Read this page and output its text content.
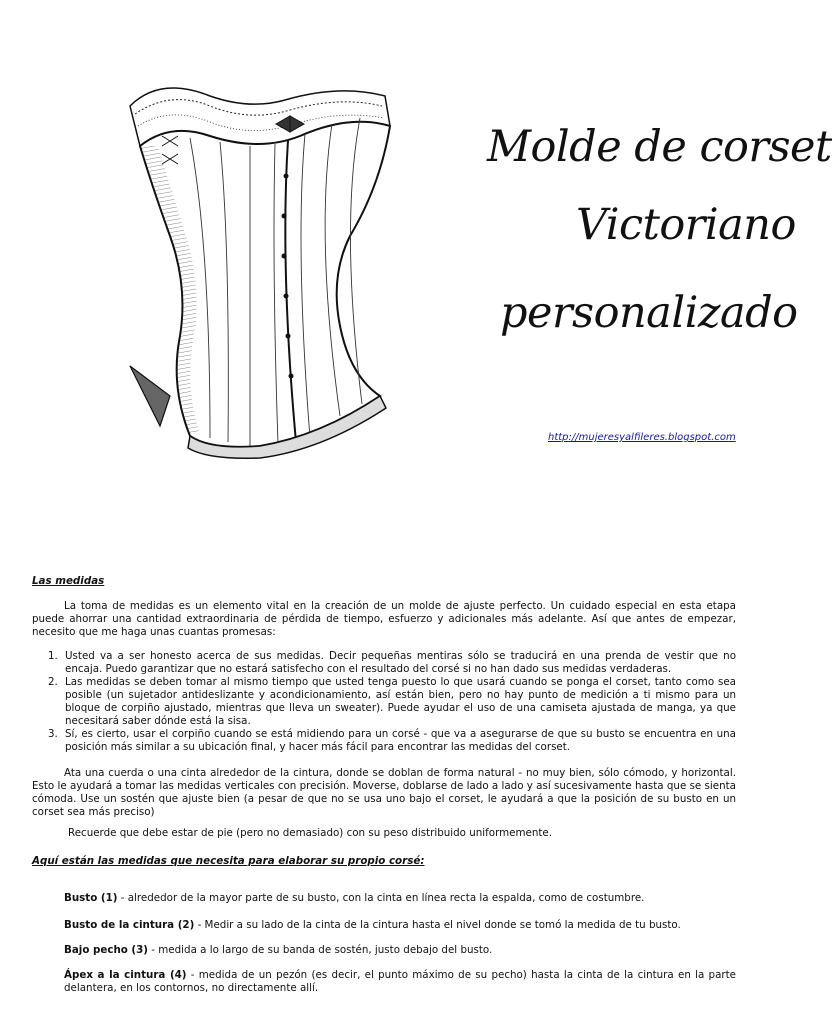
Molde de corset
Victoriano
personalizado
http://mujeresyalfileres.blogspot.com
Las medidas
La toma de medidas es un elemento vital en la creación de un molde de ajuste perfecto. Un cuidado especial en esta etapa puede ahorrar una cantidad extraordinaria de pérdida de tiempo, esfuerzo y adicionales más adelante. Así que antes de empezar, necesito que me haga unas cuantas promesas:
1. Usted va a ser honesto acerca de sus medidas. Decir pequeñas mentiras sólo se traducirá en una prenda de vestir que no encaja. Puedo garantizar que no estará satisfecho con el resultado del corsé si no han dado sus medidas verdaderas.
2. Las medidas se deben tomar al mismo tiempo que usted tenga puesto lo que usará cuando se ponga el corset, tanto como sea posible (un sujetador antideslizante y acondicionamiento, así están bien, pero no hay punto de medición a ti mismo para un bloque de corpiño ajustado, mientras que lleva un sweater). Puede ayudar el uso de una camiseta ajustada de manga, ya que necesitará saber dónde está la sisa.
3. Sí, es cierto, usar el corpiño cuando se está midiendo para un corsé - que va a asegurarse de que su busto se encuentra en una posición más similar a su ubicación final, y hacer más fácil para encontrar las medidas del corset.
Ata una cuerda o una cinta alrededor de la cintura, donde se doblan de forma natural - no muy bien, sólo cómodo, y horizontal. Esto le ayudará a tomar las medidas verticales con precisión. Moverse, doblarse de lado a lado y así sucesivamente hasta que se sienta cómoda. Use un sostén que ajuste bien (a pesar de que no se usa uno bajo el corset, le ayudará a que la posición de su busto en un corset sea más preciso)
Recuerde que debe estar de pie (pero no demasiado) con su peso distribuido uniformemente.
Aquí están las medidas que necesita para elaborar su propio corsé:
Busto (1) - alrededor de la mayor parte de su busto, con la cinta en línea recta la espalda, como de costumbre.
Busto de la cintura (2) - Medir a su lado de la cinta de la cintura hasta el nivel donde se tomó la medida de tu busto.
Bajo pecho (3) - medida a lo largo de su banda de sostén, justo debajo del busto.
Ápex a la cintura (4) - medida de un pezón (es decir, el punto máximo de su pecho) hasta la cinta de la cintura en la parte delantera, en los contornos, no directamente allí.
